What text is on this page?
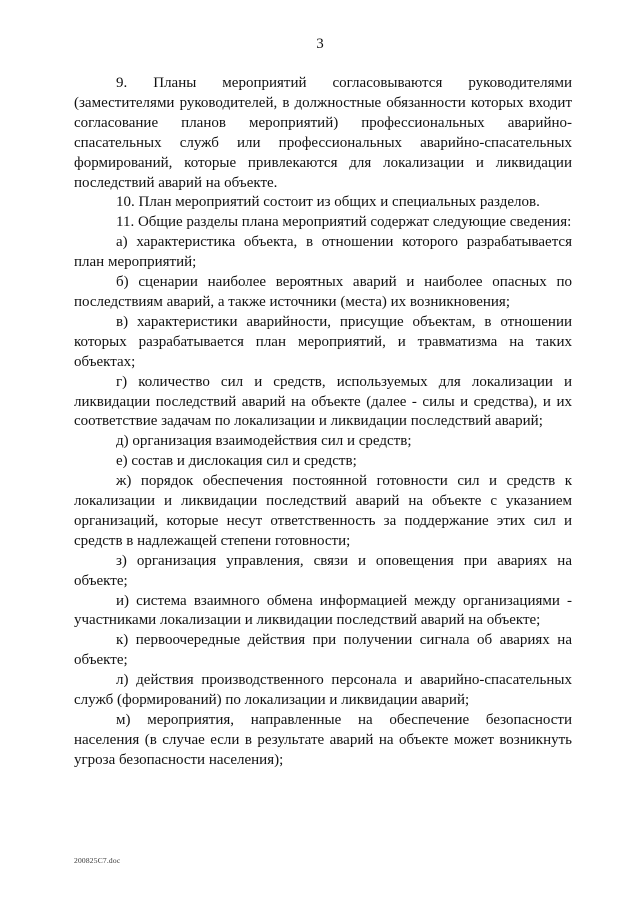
3

9. Планы мероприятий согласовываются руководителями (заместителями руководителей, в должностные обязанности которых входит согласование планов мероприятий) профессиональных аварийно-спасательных служб или профессиональных аварийно-спасательных формирований, которые привлекаются для локализации и ликвидации последствий аварий на объекте.

10. План мероприятий состоит из общих и специальных разделов.

11. Общие разделы плана мероприятий содержат следующие сведения:

а) характеристика объекта, в отношении которого разрабатывается план мероприятий;

б) сценарии наиболее вероятных аварий и наиболее опасных по последствиям аварий, а также источники (места) их возникновения;

в) характеристики аварийности, присущие объектам, в отношении которых разрабатывается план мероприятий, и травматизма на таких объектах;

г) количество сил и средств, используемых для локализации и ликвидации последствий аварий на объекте (далее - силы и средства), и их соответствие задачам по локализации и ликвидации последствий аварий;

д) организация взаимодействия сил и средств;

е) состав и дислокация сил и средств;

ж) порядок обеспечения постоянной готовности сил и средств к локализации и ликвидации последствий аварий на объекте с указанием организаций, которые несут ответственность за поддержание этих сил и средств в надлежащей степени готовности;

з) организация управления, связи и оповещения при авариях на объекте;

и) система взаимного обмена информацией между организациями - участниками локализации и ликвидации последствий аварий на объекте;

к) первоочередные действия при получении сигнала об авариях на объекте;

л) действия производственного персонала и аварийно-спасательных служб (формирований) по локализации и ликвидации аварий;

м) мероприятия, направленные на обеспечение безопасности населения (в случае если в результате аварий на объекте может возникнуть угроза безопасности населения);

200825C7.doc
